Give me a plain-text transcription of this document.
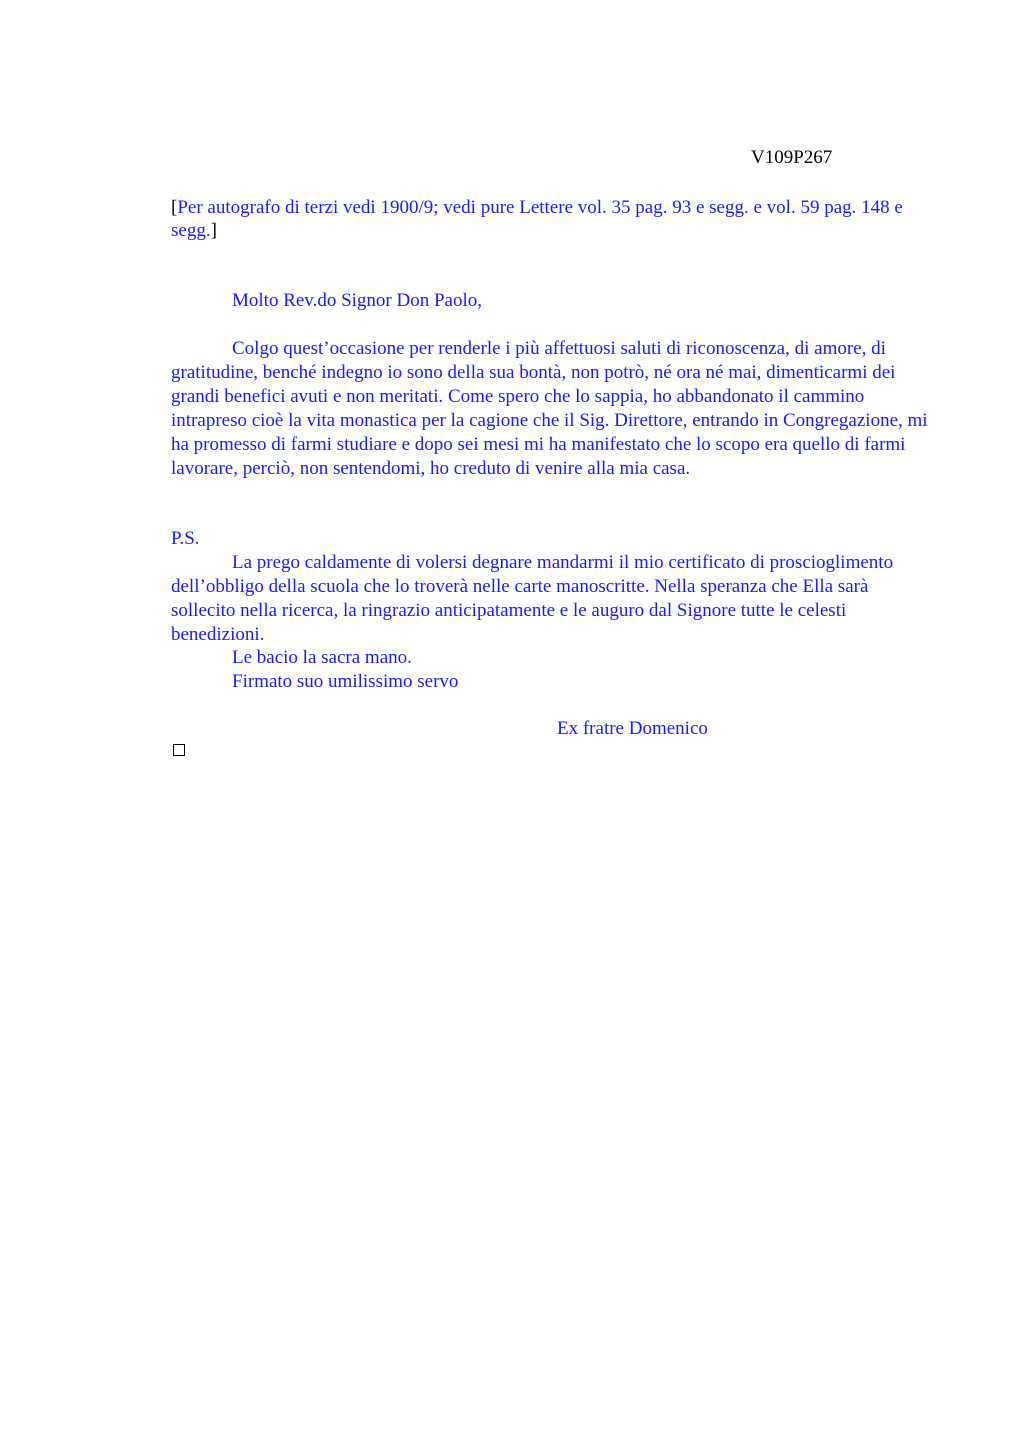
V109P267
[Per autografo di terzi vedi 1900/9; vedi pure Lettere vol. 35 pag. 93 e segg. e vol. 59 pag. 148 e segg.]
Molto Rev.do Signor Don Paolo,
Colgo quest’occasione per renderle i più affettuosi saluti di riconoscenza, di amore, di gratitudine, benché indegno io sono della sua bontà, non potrò, né ora né mai, dimenticarmi dei grandi benefici avuti e non meritati. Come spero che lo sappia, ho abbandonato il cammino intrapreso cioè la vita monastica per la cagione che il Sig. Direttore, entrando in Congregazione, mi ha promesso di farmi studiare e dopo sei mesi mi ha manifestato che lo scopo era quello di farmi lavorare, perciò, non sentendomi, ho creduto di venire alla mia casa.
P.S.
La prego caldamente di volersi degnare mandarmi il mio certificato di proscioglimento dell’obbligo della scuola che lo troverà nelle carte manoscritte. Nella speranza che Ella sarà sollecito nella ricerca, la ringrazio anticipatamente e le auguro dal Signore tutte le celesti benedizioni.
Le bacio la sacra mano.
Firmato suo umilissimo servo
Ex fratre Domenico
